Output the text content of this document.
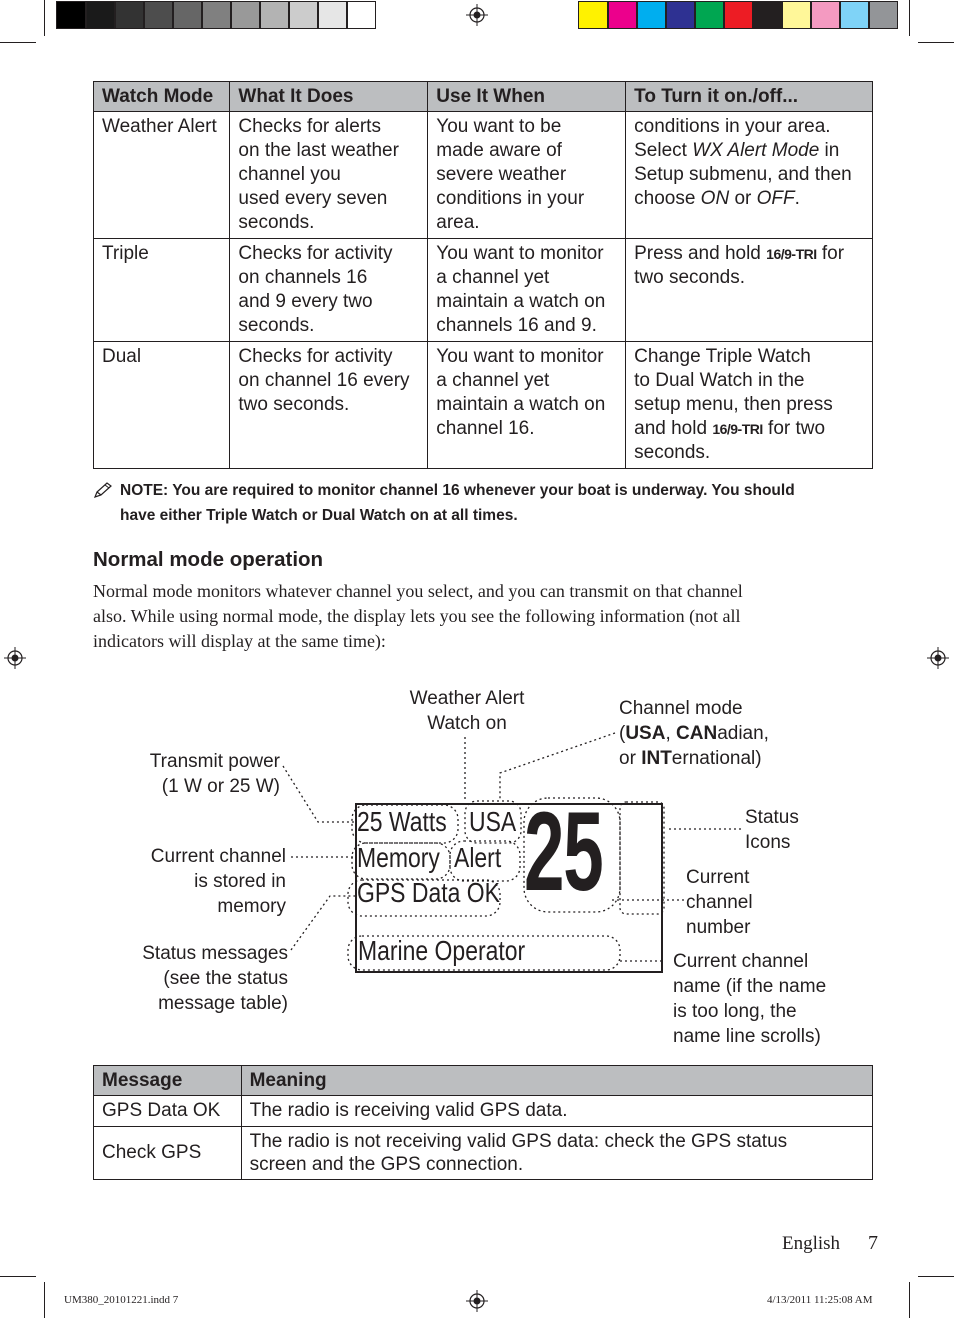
Watch Mode	What It Does	Use It When	To Turn it on./off...
Weather Alert	Checks for alerts
on the last weather
channel you
used every seven
seconds.	You want to be
made aware of
severe weather
conditions in your
area.	conditions in your area.
Select WX Alert Mode in
Setup submenu, and then
choose ON or OFF.

Triple	Checks for activity
on channels 16
and 9 every two
seconds.	You want to monitor
a channel yet
maintain a watch on
channels 16 and 9.	Press and hold 16/9-TRI for
two seconds.

Dual	Checks for activity
on channel 16 every
two seconds.	You want to monitor
a channel yet
maintain a watch on
channel 16.	Change Triple Watch
to Dual Watch in the
setup menu, then press
and hold 16/9-TRI for two
seconds.
NOTE: You are required to monitor channel 16 whenever your boat is underway. You should
have either Triple Watch or Dual Watch on at all times.
Normal mode operation
Normal mode monitors whatever channel you select, and you can transmit on that channel
also. While using normal mode, the display lets you see the following information (not all
indicators will display at the same time):
Weather Alert
Watch on
Channel mode
(USA, CANadian,
or INTernational)
Transmit power
(1 W or 25 W)
Status
Icons
Current channel
is stored in
memory
Current
channel
number
Status messages
(see the status
message table)
Current channel
name (if the name
is too long, the
name line scrolls)
25 Watts USA
Memory Alert
GPS Data OK
Marine Operator
25
Message	Meaning
GPS Data OK	The radio is receiving valid GPS data.

Check GPS	The radio is not receiving valid GPS data: check the GPS status
screen and the GPS connection.
English 7
UM380_20101221.indd 7	4/13/2011 11:25:08 AM
